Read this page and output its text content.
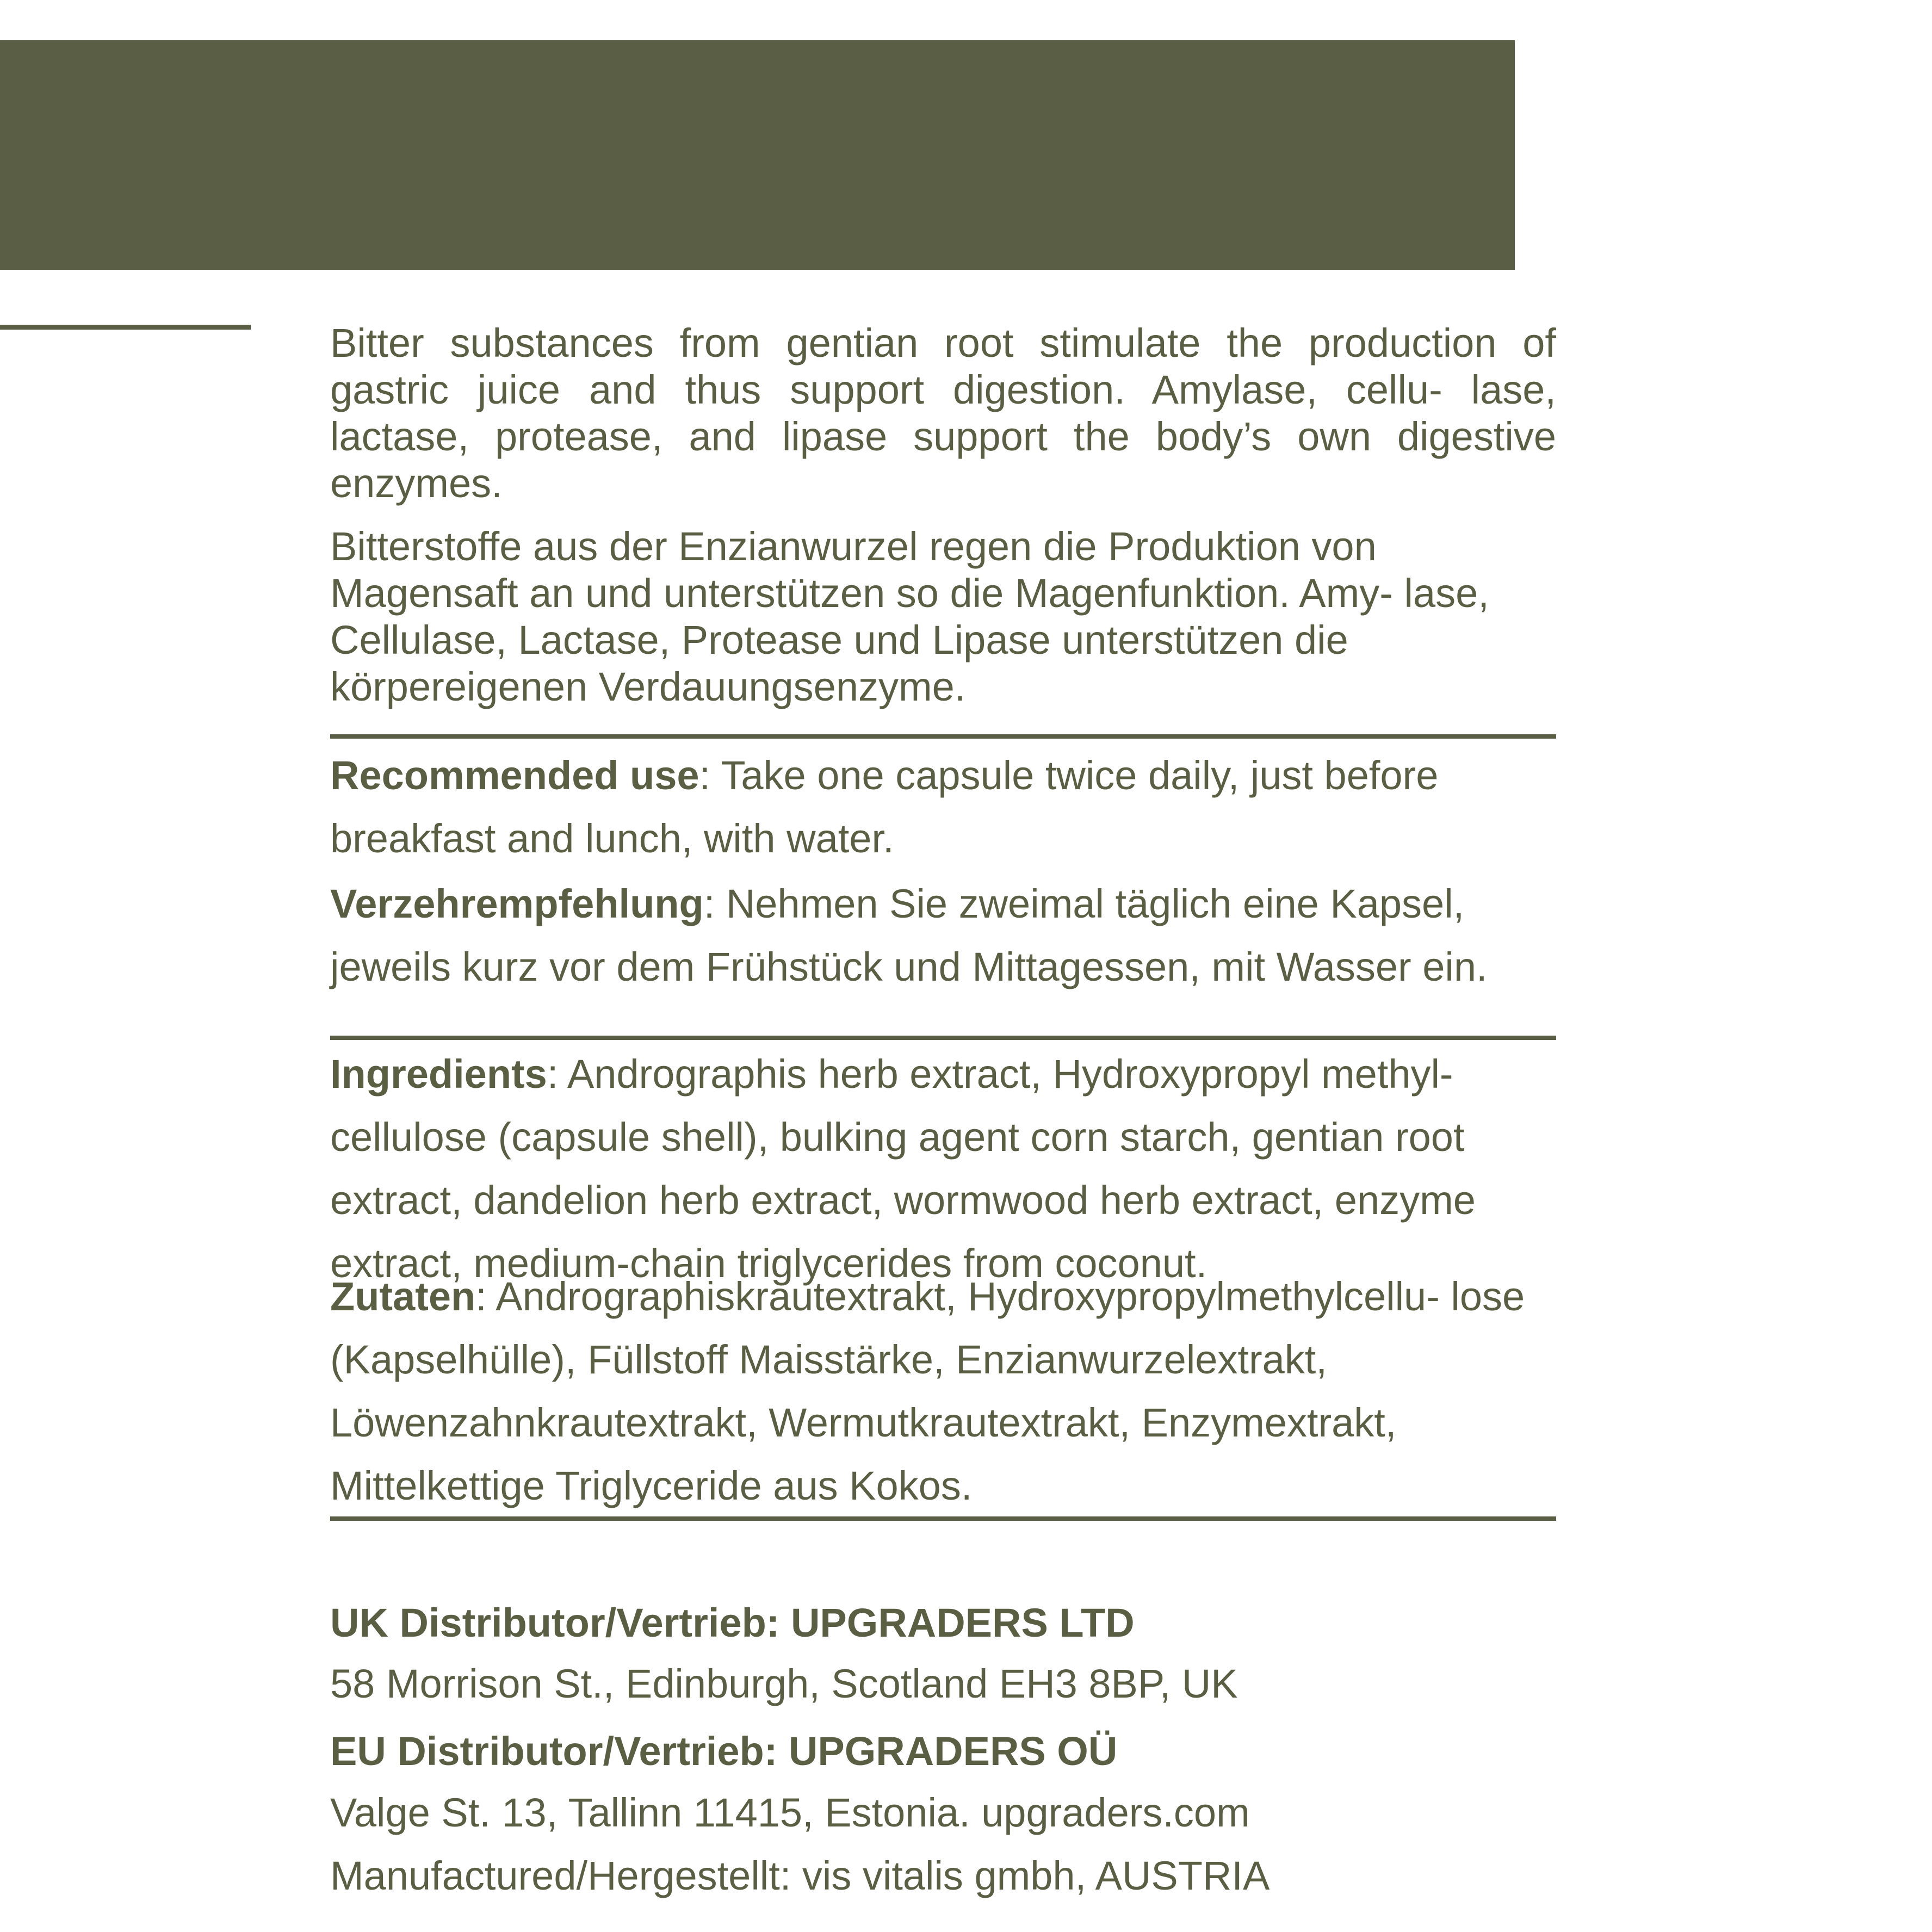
Bitter substances from gentian root stimulate the production of gastric juice and thus support digestion. Amylase, cellu- lase, lactase, protease, and lipase support the body’s own digestive enzymes.

Bitterstoffe aus der Enzianwurzel regen die Produktion von Magensaft an und unterstützen so die Magenfunktion. Amy- lase, Cellulase, Lactase, Protease und Lipase unterstützen die körpereigenen Verdauungsenzyme.

Recommended use: Take one capsule twice daily, just before breakfast and lunch, with water.

Verzehrempfehlung: Nehmen Sie zweimal täglich eine Kapsel, jeweils kurz vor dem Frühstück und Mittagessen, mit Wasser ein.

Ingredients: Andrographis herb extract, Hydroxypropyl methyl- cellulose (capsule shell), bulking agent corn starch, gentian root extract, dandelion herb extract, wormwood herb extract, enzyme extract, medium-chain triglycerides from coconut.

Zutaten: Andrographiskrautextrakt, Hydroxypropylmethylcellu- lose (Kapselhülle), Füllstoff Maisstärke, Enzianwurzelextrakt, Löwenzahnkrautextrakt, Wermutkrautextrakt, Enzymextrakt, Mittelkettige Triglyceride aus Kokos.

UK Distributor/Vertrieb: UPGRADERS LTD
58 Morrison St., Edinburgh, Scotland EH3 8BP, UK
EU Distributor/Vertrieb: UPGRADERS OÜ
Valge St. 13, Tallinn 11415, Estonia. upgraders.com
Manufactured/Hergestellt: vis vitalis gmbh, AUSTRIA
